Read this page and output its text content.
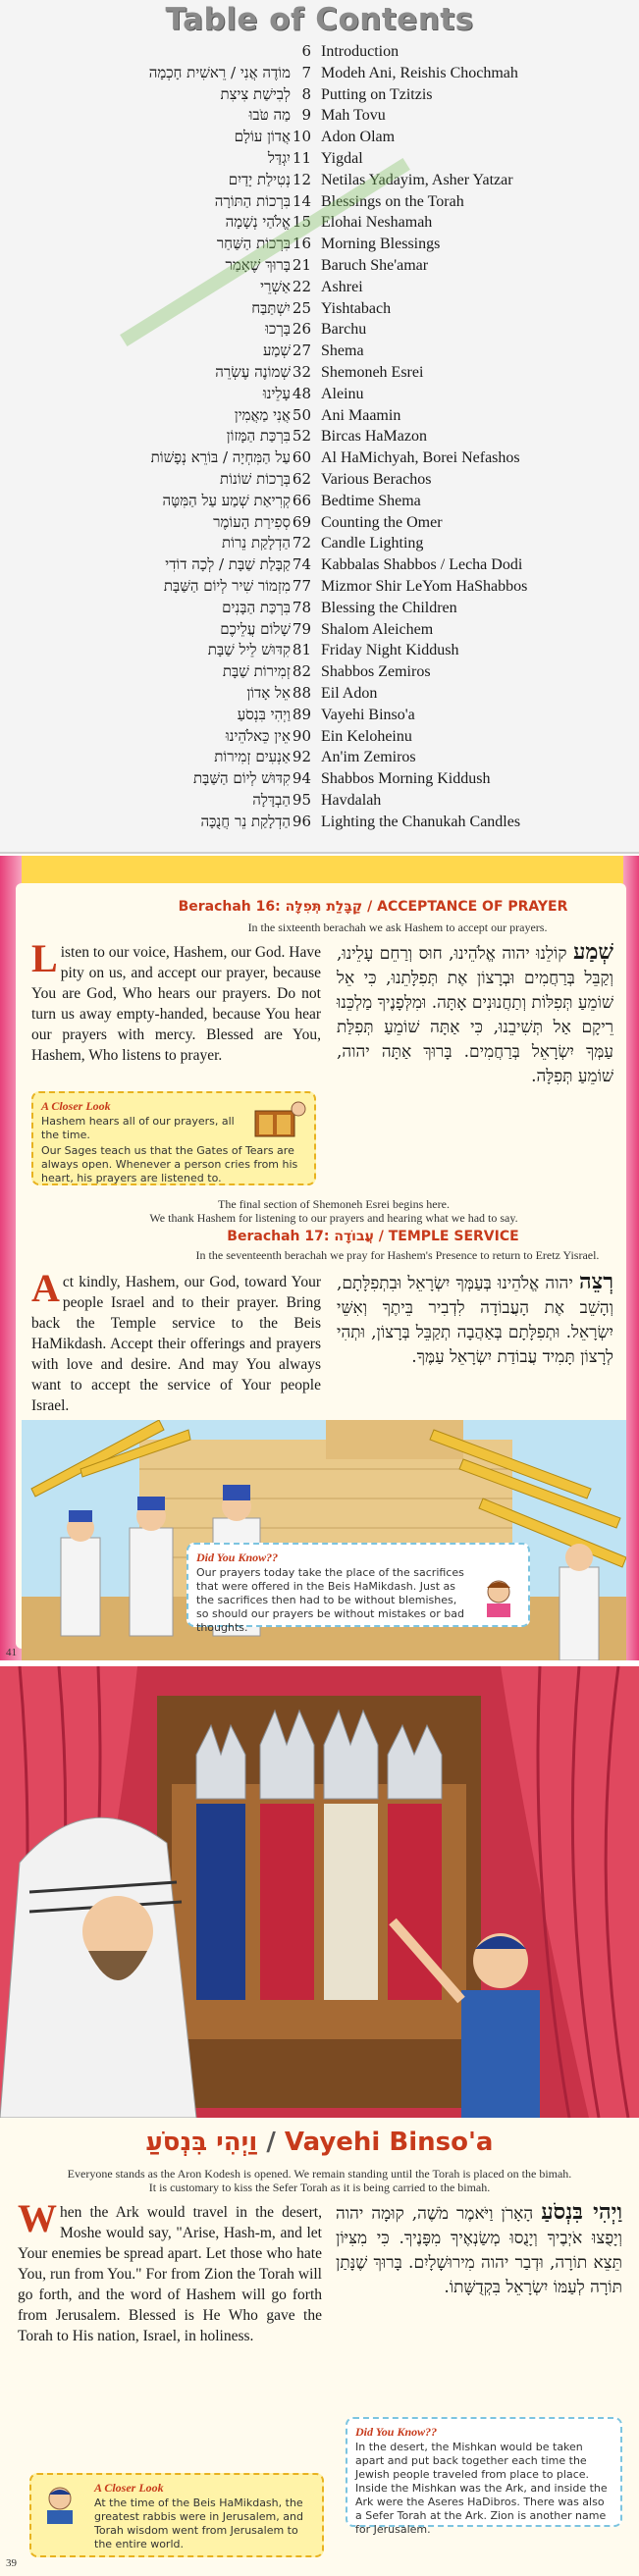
Table of Contents
6 Introduction
מוֹדֶה אֲנִי / רֵאשִׁית חָכְמָה 7 Modeh Ani, Reishis Chochmah
לְבִישַׁת צִיצִת 8 Putting on Tzitzis
מַה טֹּבוּ 9 Mah Tovu
אֲדוֹן עוֹלָם 10 Adon Olam
יִגְדַּל 11 Yigdal
נְטִילַת יָדַיִם 12 Netilas Yadayim, Asher Yatzar
בִּרְכוֹת הַתּוֹרָה 14 Blessings on the Torah
אֱלֹהַי נְשָׁמָה 15 Elohai Neshamah
בִּרְכוֹת הַשַּׁחַר 16 Morning Blessings
בָּרוּךְ שֶׁאָמַר 21 Baruch She'amar
אַשְׁרֵי 22 Ashrei
יִשְׁתַּבַּח 25 Yishtabach
בָּרְכוּ 26 Barchu
שְׁמַע 27 Shema
שְׁמוֹנֶה עֶשְׂרֵה 32 Shemoneh Esrei
עָלֵינוּ 48 Aleinu
אֲנִי מַאֲמִין 50 Ani Maamin
בִּרְכַּת הַמָּזוֹן 52 Bircas HaMazon
עַל הַמִּחְיָה / בּוֹרֵא נְפָשׁוֹת 60 Al HaMichyah, Borei Nefashos
בְּרָכוֹת שׁוֹנוֹת 62 Various Berachos
קְרִיאַת שְׁמַע עַל הַמִּטָּה 66 Bedtime Shema
סְפִירַת הָעוֹמֶר 69 Counting the Omer
הַדְלָקַת נֵרוֹת 72 Candle Lighting
קַבָּלַת שַׁבָּת / לְכָה דוֹדִי 74 Kabbalas Shabbos / Lecha Dodi
מִזְמוֹר שִׁיר לְיוֹם הַשַּׁבָּת 77 Mizmor Shir LeYom HaShabbos
בִּרְכַּת הַבָּנִים 78 Blessing the Children
שָׁלוֹם עֲלֵיכֶם 79 Shalom Aleichem
קִדּוּשׁ לֵיל שַׁבָּת 81 Friday Night Kiddush
זְמִירוֹת שַׁבָּת 82 Shabbos Zemiros
אֵל אָדוֹן 88 Eil Adon
וַיְהִי בִּנְסֹעַ 89 Vayehi Binso'a
אֵין כֵּאלֹהֵינוּ 90 Ein Keloheinu
אַנְעִים זְמִירוֹת 92 An'im Zemiros
קִדּוּשׁ לְיוֹם הַשַּׁבָּת 94 Shabbos Morning Kiddush
הַבְדָּלָה 95 Havdalah
הַדְלָקַת נֵר חֲנֻכָּה 96 Lighting the Chanukah Candles
Berachah 16: קַבָּלַת תְּפִלָּה / ACCEPTANCE OF PRAYER
In the sixteenth berachah we ask Hashem to accept our prayers.
Listen to our voice, Hashem, our God. Have pity on us, and accept our prayer, because You are God, Who hears our prayers. Do not turn us away empty-handed, because You hear our prayers with mercy. Blessed are You, Hashem, Who listens to prayer.
שְׁמַע קוֹלֵנוּ יהוה אֱלֹהֵינוּ, חוּס וְרַחֵם עָלֵינוּ, וְקַבֵּל בְּרַחֲמִים וּבְרָצוֹן אֶת תְּפִלָּתֵנוּ, כִּי אֵל שׁוֹמֵעַ תְּפִלּוֹת וְתַחֲנוּנִים אָתָּה. וּמִלְּפָנֶיךָ מַלְכֵּנוּ רֵיקָם אַל תְּשִׁיבֵנוּ, כִּי אַתָּה שׁוֹמֵעַ תְּפִלַּת עַמְּךָ יִשְׂרָאֵל בְּרַחֲמִים. בָּרוּךְ אַתָּה יהוה, שׁוֹמֵעַ תְּפִלָּה.
A Closer Look
Hashem hears all of our prayers, all the time.
Our Sages teach us that the Gates of Tears are always open. Whenever a person cries from his heart, his prayers are listened to.
The final section of Shemoneh Esrei begins here.
We thank Hashem for listening to our prayers and hearing what we had to say.
Berachah 17: עֲבוֹדָה / TEMPLE SERVICE
In the seventeenth berachah we pray for Hashem's Presence to return to Eretz Yisrael.
Act kindly, Hashem, our God, toward Your people Israel and to their prayer. Bring back the Temple service to the Beis HaMikdash. Accept their offerings and prayers with love and desire. And may You always want to accept the service of Your people Israel.
רְצֵה יהוה אֱלֹהֵינוּ בְּעַמְּךָ יִשְׂרָאֵל וּבִתְפִלָּתָם, וְהָשֵׁב אֶת הָעֲבוֹדָה לִדְבִיר בֵּיתֶךָ וְאִשֵּׁי יִשְׂרָאֵל. וּתְפִלָּתָם בְּאַהֲבָה תְקַבֵּל בְּרָצוֹן, וּתְהִי לְרָצוֹן תָּמִיד עֲבוֹדַת יִשְׂרָאֵל עַמֶּךָ.
Did You Know??
Our prayers today take the place of the sacrifices that were offered in the Beis HaMikdash. Just as the sacrifices then had to be without blemishes, so should our prayers be without mistakes or bad thoughts.
41
וַיְהִי בִּנְסֹעַ / Vayehi Binso'a
Everyone stands as the Aron Kodesh is opened. We remain standing until the Torah is placed on the bimah.
It is customary to kiss the Sefer Torah as it is being carried to the bimah.
When the Ark would travel in the desert, Moshe would say, "Arise, Hash-m, and let Your enemies be spread apart. Let those who hate You, run from You." For from Zion the Torah will go forth, and the word of Hashem will go forth from Jerusalem. Blessed is He Who gave the Torah to His nation, Israel, in holiness.
וַיְהִי בִּנְסֹעַ הָאָרֹן וַיֹּאמֶר מֹשֶׁה, קוּמָה יהוה וְיָפֻצוּ אֹיְבֶיךָ וְיָנֻסוּ מְשַׂנְאֶיךָ מִפָּנֶיךָ. כִּי מִצִּיּוֹן תֵּצֵא תוֹרָה, וּדְבַר יהוה מִירוּשָׁלָיִם. בָּרוּךְ שֶׁנָּתַן תּוֹרָה לְעַמּוֹ יִשְׂרָאֵל בִּקְדֻשָּׁתוֹ.
Did You Know??
In the desert, the Mishkan would be taken apart and put back together each time the Jewish people traveled from place to place. Inside the Mishkan was the Ark, and inside the Ark were the Aseres HaDibros. There was also a Sefer Torah at the Ark. Zion is another name for Jerusalem.
A Closer Look
At the time of the Beis HaMikdash, the greatest rabbis were in Jerusalem, and Torah wisdom went from Jerusalem to the entire world.
39
